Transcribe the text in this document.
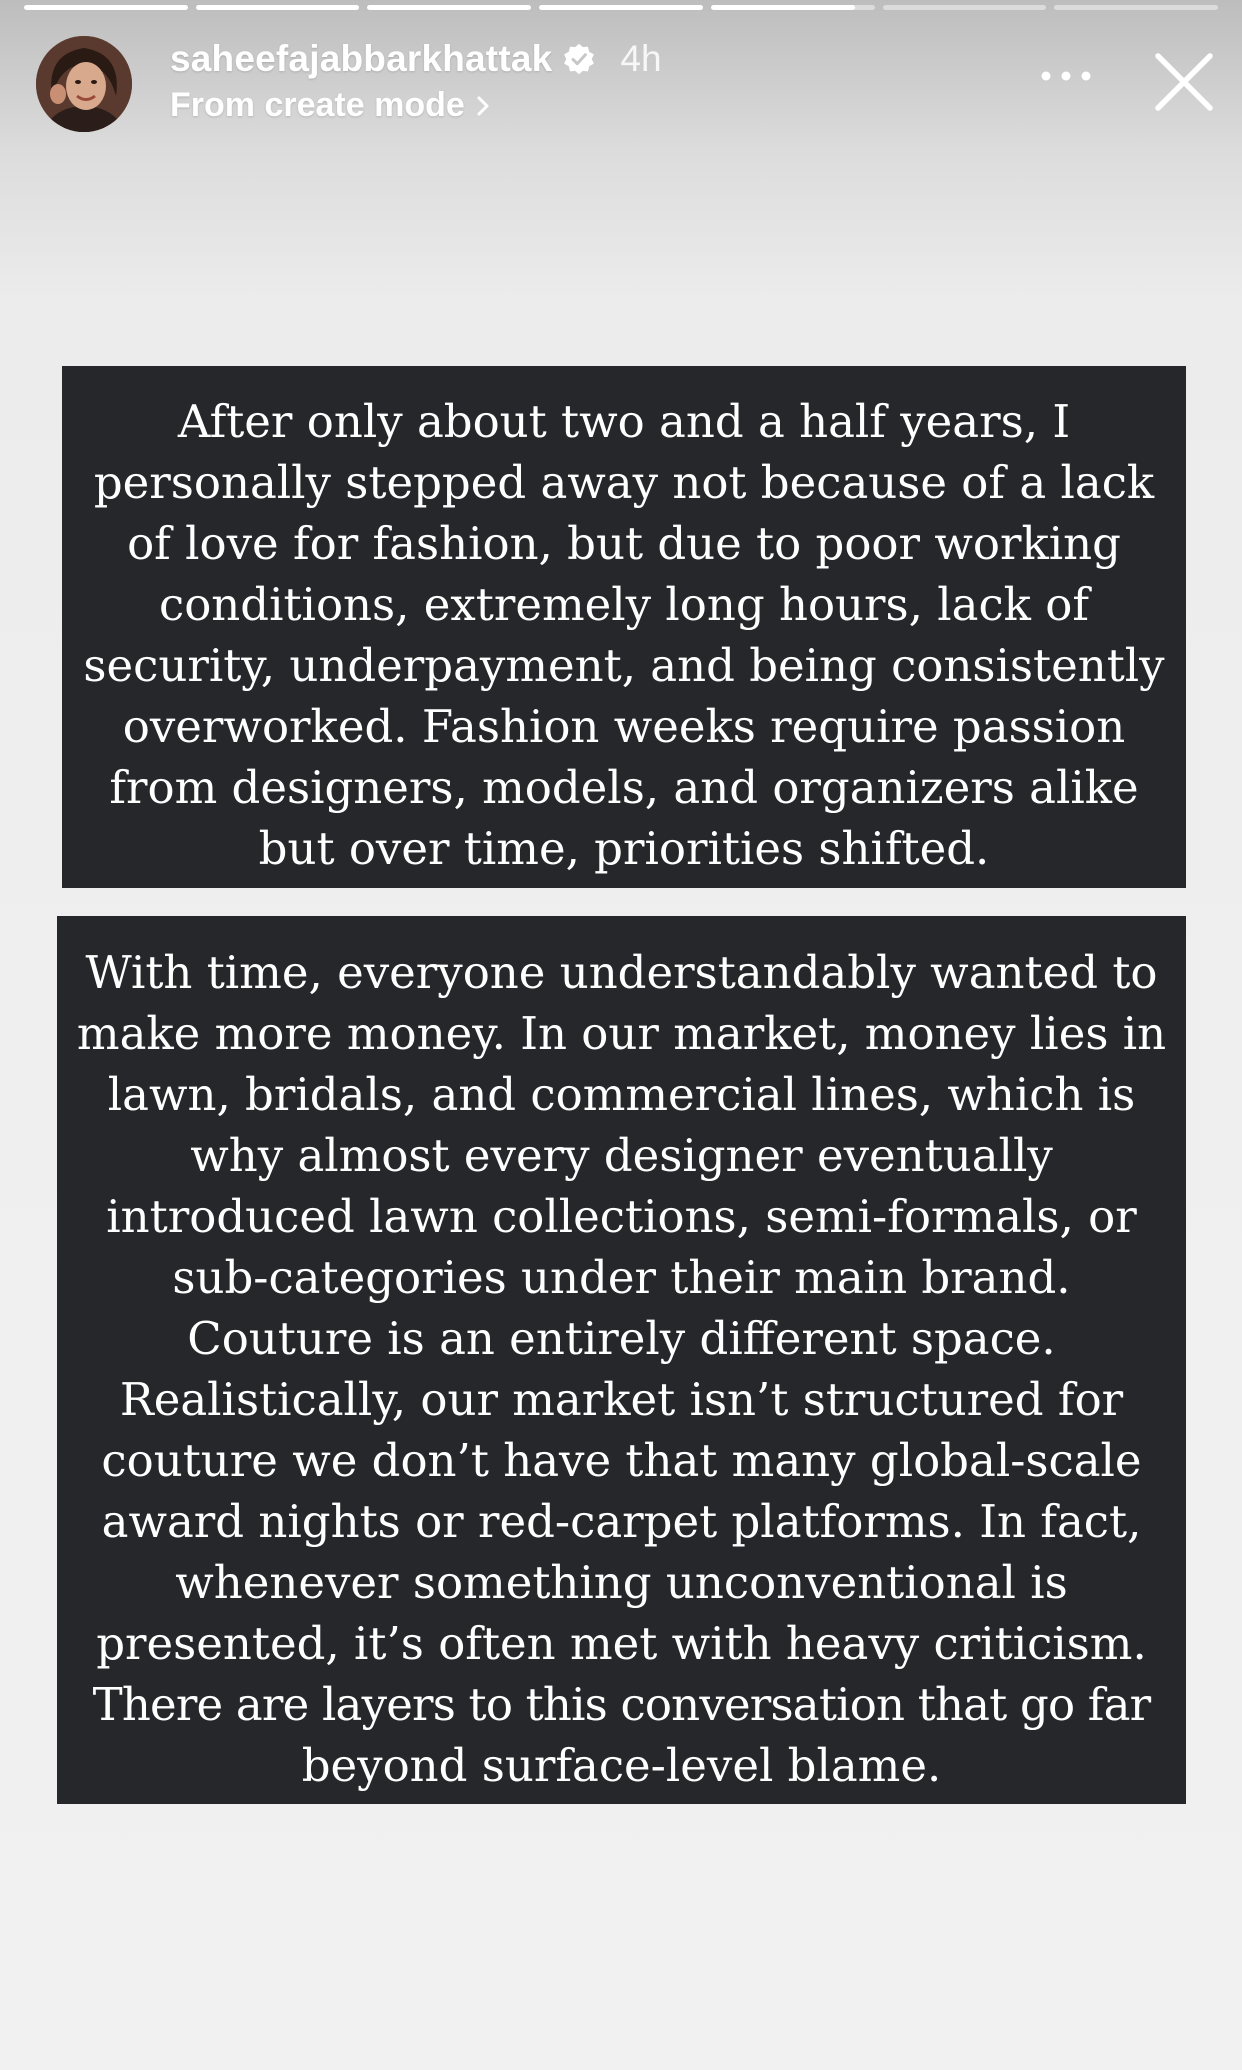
saheefajabbarkhattak 4h
From create mode

After only about two and a half years, I

personally stepped away not because of a lack

of love for fashion, but due to poor working

conditions, extremely long hours, lack of

security, underpayment, and being consistently

overworked. Fashion weeks require passion

from designers, models, and organizers alike

but over time, priorities shifted.

With time, everyone understandably wanted to

make more money. In our market, money lies in

lawn, bridals, and commercial lines, which is

why almost every designer eventually

introduced lawn collections, semi-formals, or

sub-categories under their main brand.

Couture is an entirely different space.

Realistically, our market isn’t structured for

couture we don’t have that many global-scale

award nights or red-carpet platforms. In fact,

whenever something unconventional is

presented, it’s often met with heavy criticism.

There are layers to this conversation that go far

beyond surface-level blame.
